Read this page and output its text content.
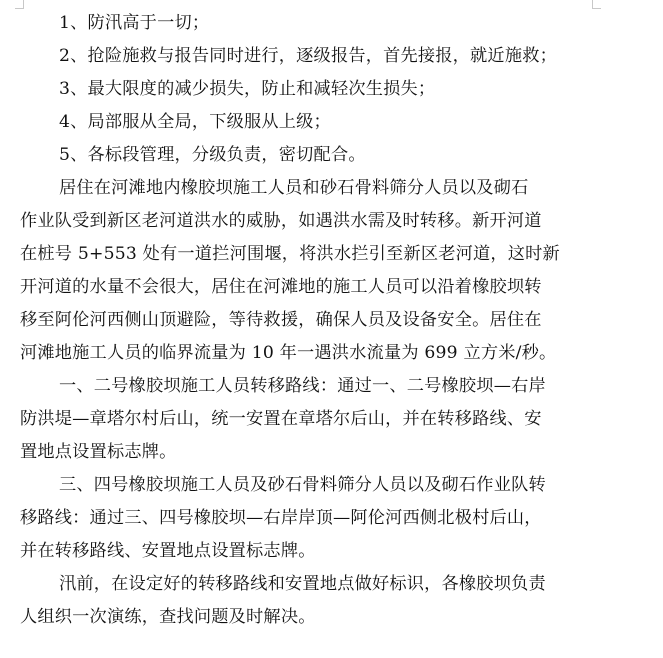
1、防汛高于一切；
2、抢险施救与报告同时进行，逐级报告，首先接报，就近施救；
3、最大限度的减少损失，防止和减轻次生损失；
4、局部服从全局，下级服从上级；
5、各标段管理，分级负责，密切配合。
居住在河滩地内橡胶坝施工人员和砂石骨料筛分人员以及砌石
作业队受到新区老河道洪水的威胁，如遇洪水需及时转移。新开河道
在桩号 5+553 处有一道拦河围堰，将洪水拦引至新区老河道，这时新
开河道的水量不会很大，居住在河滩地的施工人员可以沿着橡胶坝转
移至阿伦河西侧山顶避险，等待救援，确保人员及设备安全。居住在
河滩地施工人员的临界流量为 10 年一遇洪水流量为 699 立方米/秒。
一、二号橡胶坝施工人员转移路线：通过一、二号橡胶坝—右岸
防洪堤—章塔尔村后山，统一安置在章塔尔后山，并在转移路线、安
置地点设置标志牌。
三、四号橡胶坝施工人员及砂石骨料筛分人员以及砌石作业队转
移路线：通过三、四号橡胶坝—右岸岸顶—阿伦河西侧北极村后山，
并在转移路线、安置地点设置标志牌。
汛前，在设定好的转移路线和安置地点做好标识，各橡胶坝负责
人组织一次演练，查找问题及时解决。
